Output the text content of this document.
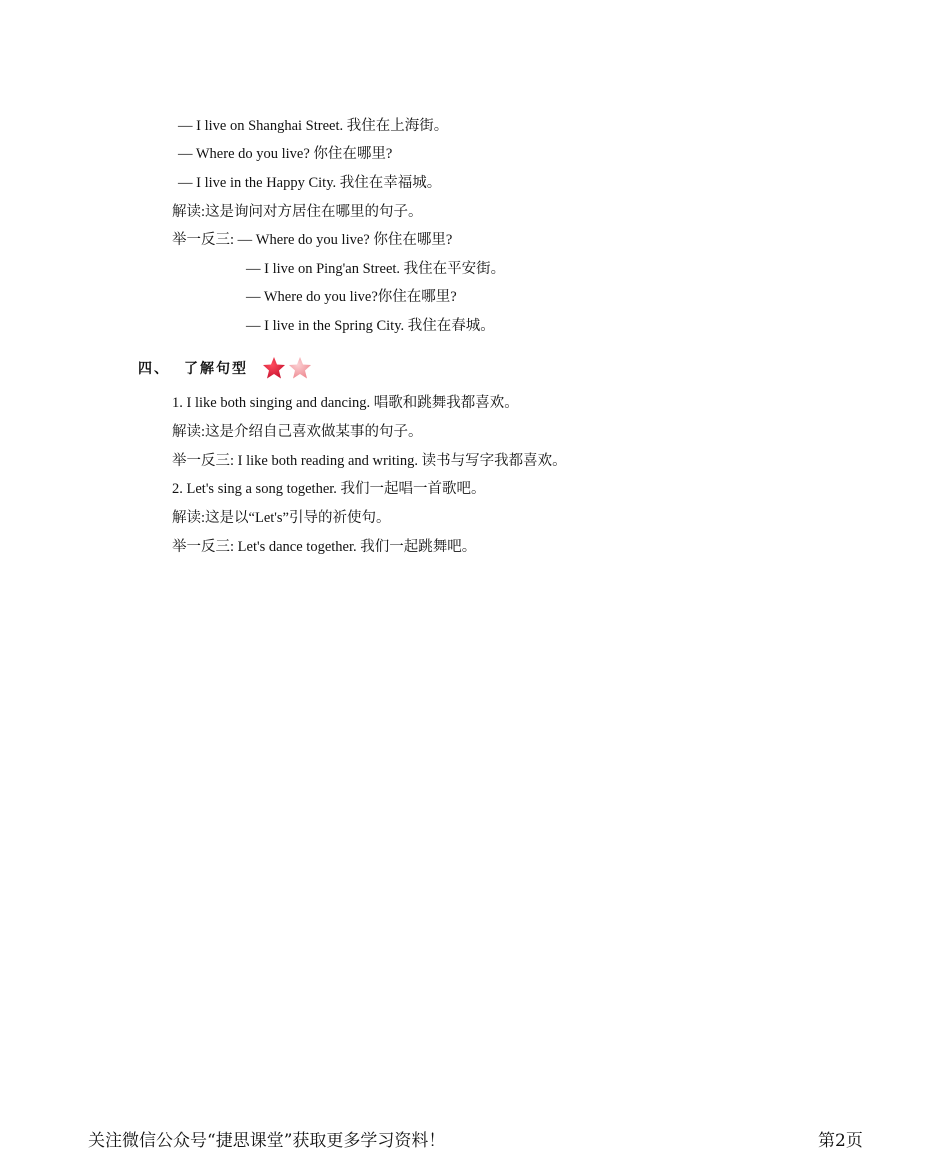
— I live on Shanghai Street. 我住在上海街。
— Where do you live? 你住在哪里?
— I live in the Happy City. 我住在幸福城。
解读:这是询问对方居住在哪里的句子。
举一反三: — Where do you live? 你住在哪里?
— I live on Ping'an Street. 我住在平安街。
— Where do you live?你住在哪里?
— I live in the Spring City. 我住在春城。
四、 了解句型
1. I like both singing and dancing. 唱歌和跳舞我都喜欢。
解读:这是介绍自己喜欢做某事的句子。
举一反三: I like both reading and writing. 读书与写字我都喜欢。
2. Let's sing a song together. 我们一起唱一首歌吧。
解读:这是以“Let's”引导的祈使句。
举一反三: Let's dance together. 我们一起跳舞吧。
关注微信公众号“捷思课堂”获取更多学习资料！	第2页
